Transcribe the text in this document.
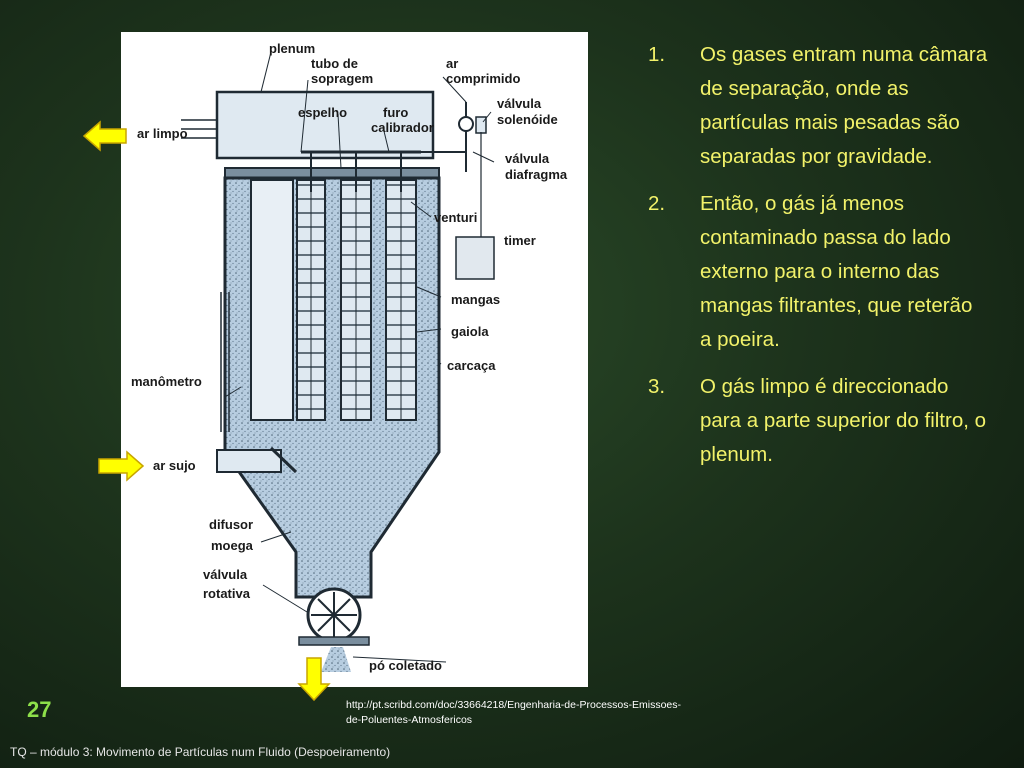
plenum
tubo de
sopragem
ar
comprimido
espelho	furo
calibrador
válvula
solenóide
válvula
diafragma
ar limpo
venturi
timer
mangas
gaiola
carcaça
manômetro
ar sujo
difusor
moega
válvula
rotativa
pó coletado
1. Os gases entram numa câmara de separação, onde as partículas mais pesadas são separadas por gravidade.
2. Então, o gás já menos contaminado passa do lado externo para o interno das mangas filtrantes, que reterão a poeira.
3. O gás limpo é direccionado para a parte superior do filtro, o plenum.
27	http://pt.scribd.com/doc/33664218/Engenharia-de-Processos-Emissoes-de-Poluentes-Atmosfericos
TQ – módulo 3: Movimento de Partículas num Fluido (Despoeiramento)
